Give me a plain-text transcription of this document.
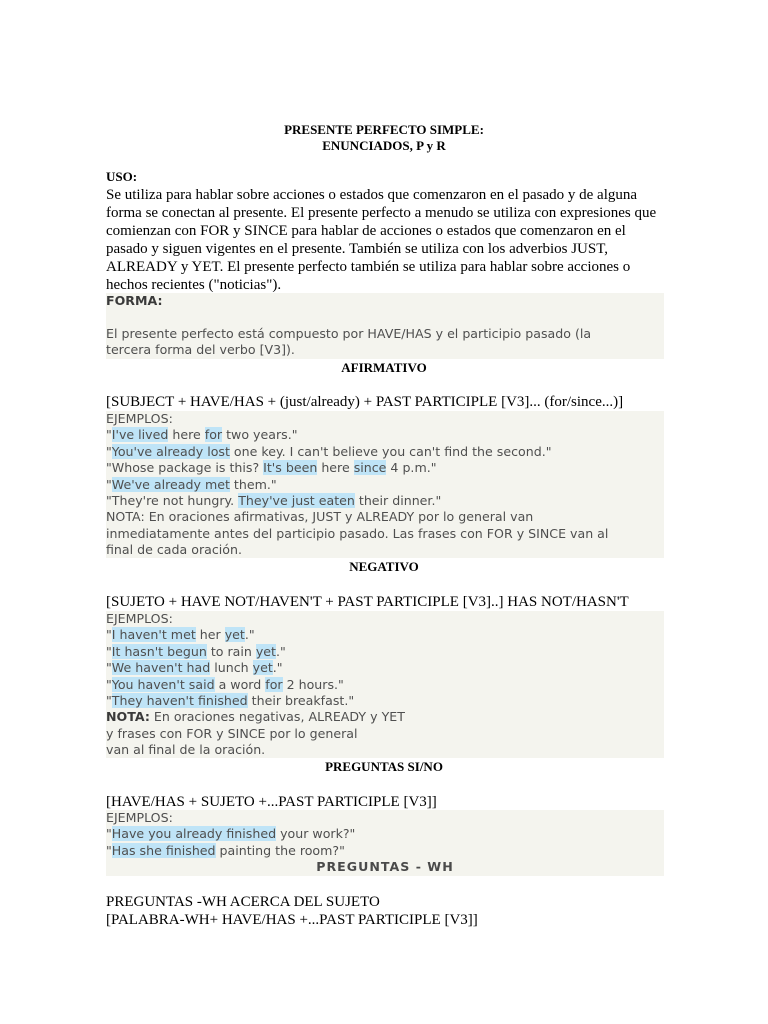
PRESENTE PERFECTO SIMPLE:
ENUNCIADOS, P y R
USO:
Se utiliza para hablar sobre acciones o estados que comenzaron en el pasado y de alguna
forma se conectan al presente. El presente perfecto a menudo se utiliza con expresiones que
comienzan con FOR y SINCE para hablar de acciones o estados que comenzaron en el
pasado y siguen vigentes en el presente. También se utiliza con los adverbios JUST,
ALREADY y YET. El presente perfecto también se utiliza para hablar sobre acciones o
hechos recientes ("noticias").
FORMA:

El presente perfecto está compuesto por HAVE/HAS y el participio pasado (la
tercera forma del verbo [V3]).
AFIRMATIVO
[SUBJECT + HAVE/HAS + (just/already) + PAST PARTICIPLE [V3]... (for/since...)]
EJEMPLOS:
"I've lived here for two years."
"You've already lost one key. I can't believe you can't find the second."
"Whose package is this? It's been here since 4 p.m."
"We've already met them."
"They're not hungry. They've just eaten their dinner."
NOTA: En oraciones afirmativas, JUST y ALREADY por lo general van
inmediatamente antes del participio pasado. Las frases con FOR y SINCE van al
final de cada oración.
NEGATIVO
[SUJETO + HAVE NOT/HAVEN'T + PAST PARTICIPLE [V3]..] HAS NOT/HASN'T
EJEMPLOS:
"I haven't met her yet."
"It hasn't begun to rain yet."
"We haven't had lunch yet."
"You haven't said a word for 2 hours."
"They haven't finished their breakfast."
NOTA: En oraciones negativas, ALREADY y YET
y frases con FOR y SINCE por lo general
van al final de la oración.
PREGUNTAS SI/NO
[HAVE/HAS + SUJETO +...PAST PARTICIPLE [V3]]
EJEMPLOS:
"Have you already finished your work?"
"Has she finished painting the room?"
PREGUNTAS - WH
PREGUNTAS -WH ACERCA DEL SUJETO
[PALABRA-WH+ HAVE/HAS +...PAST PARTICIPLE [V3]]
